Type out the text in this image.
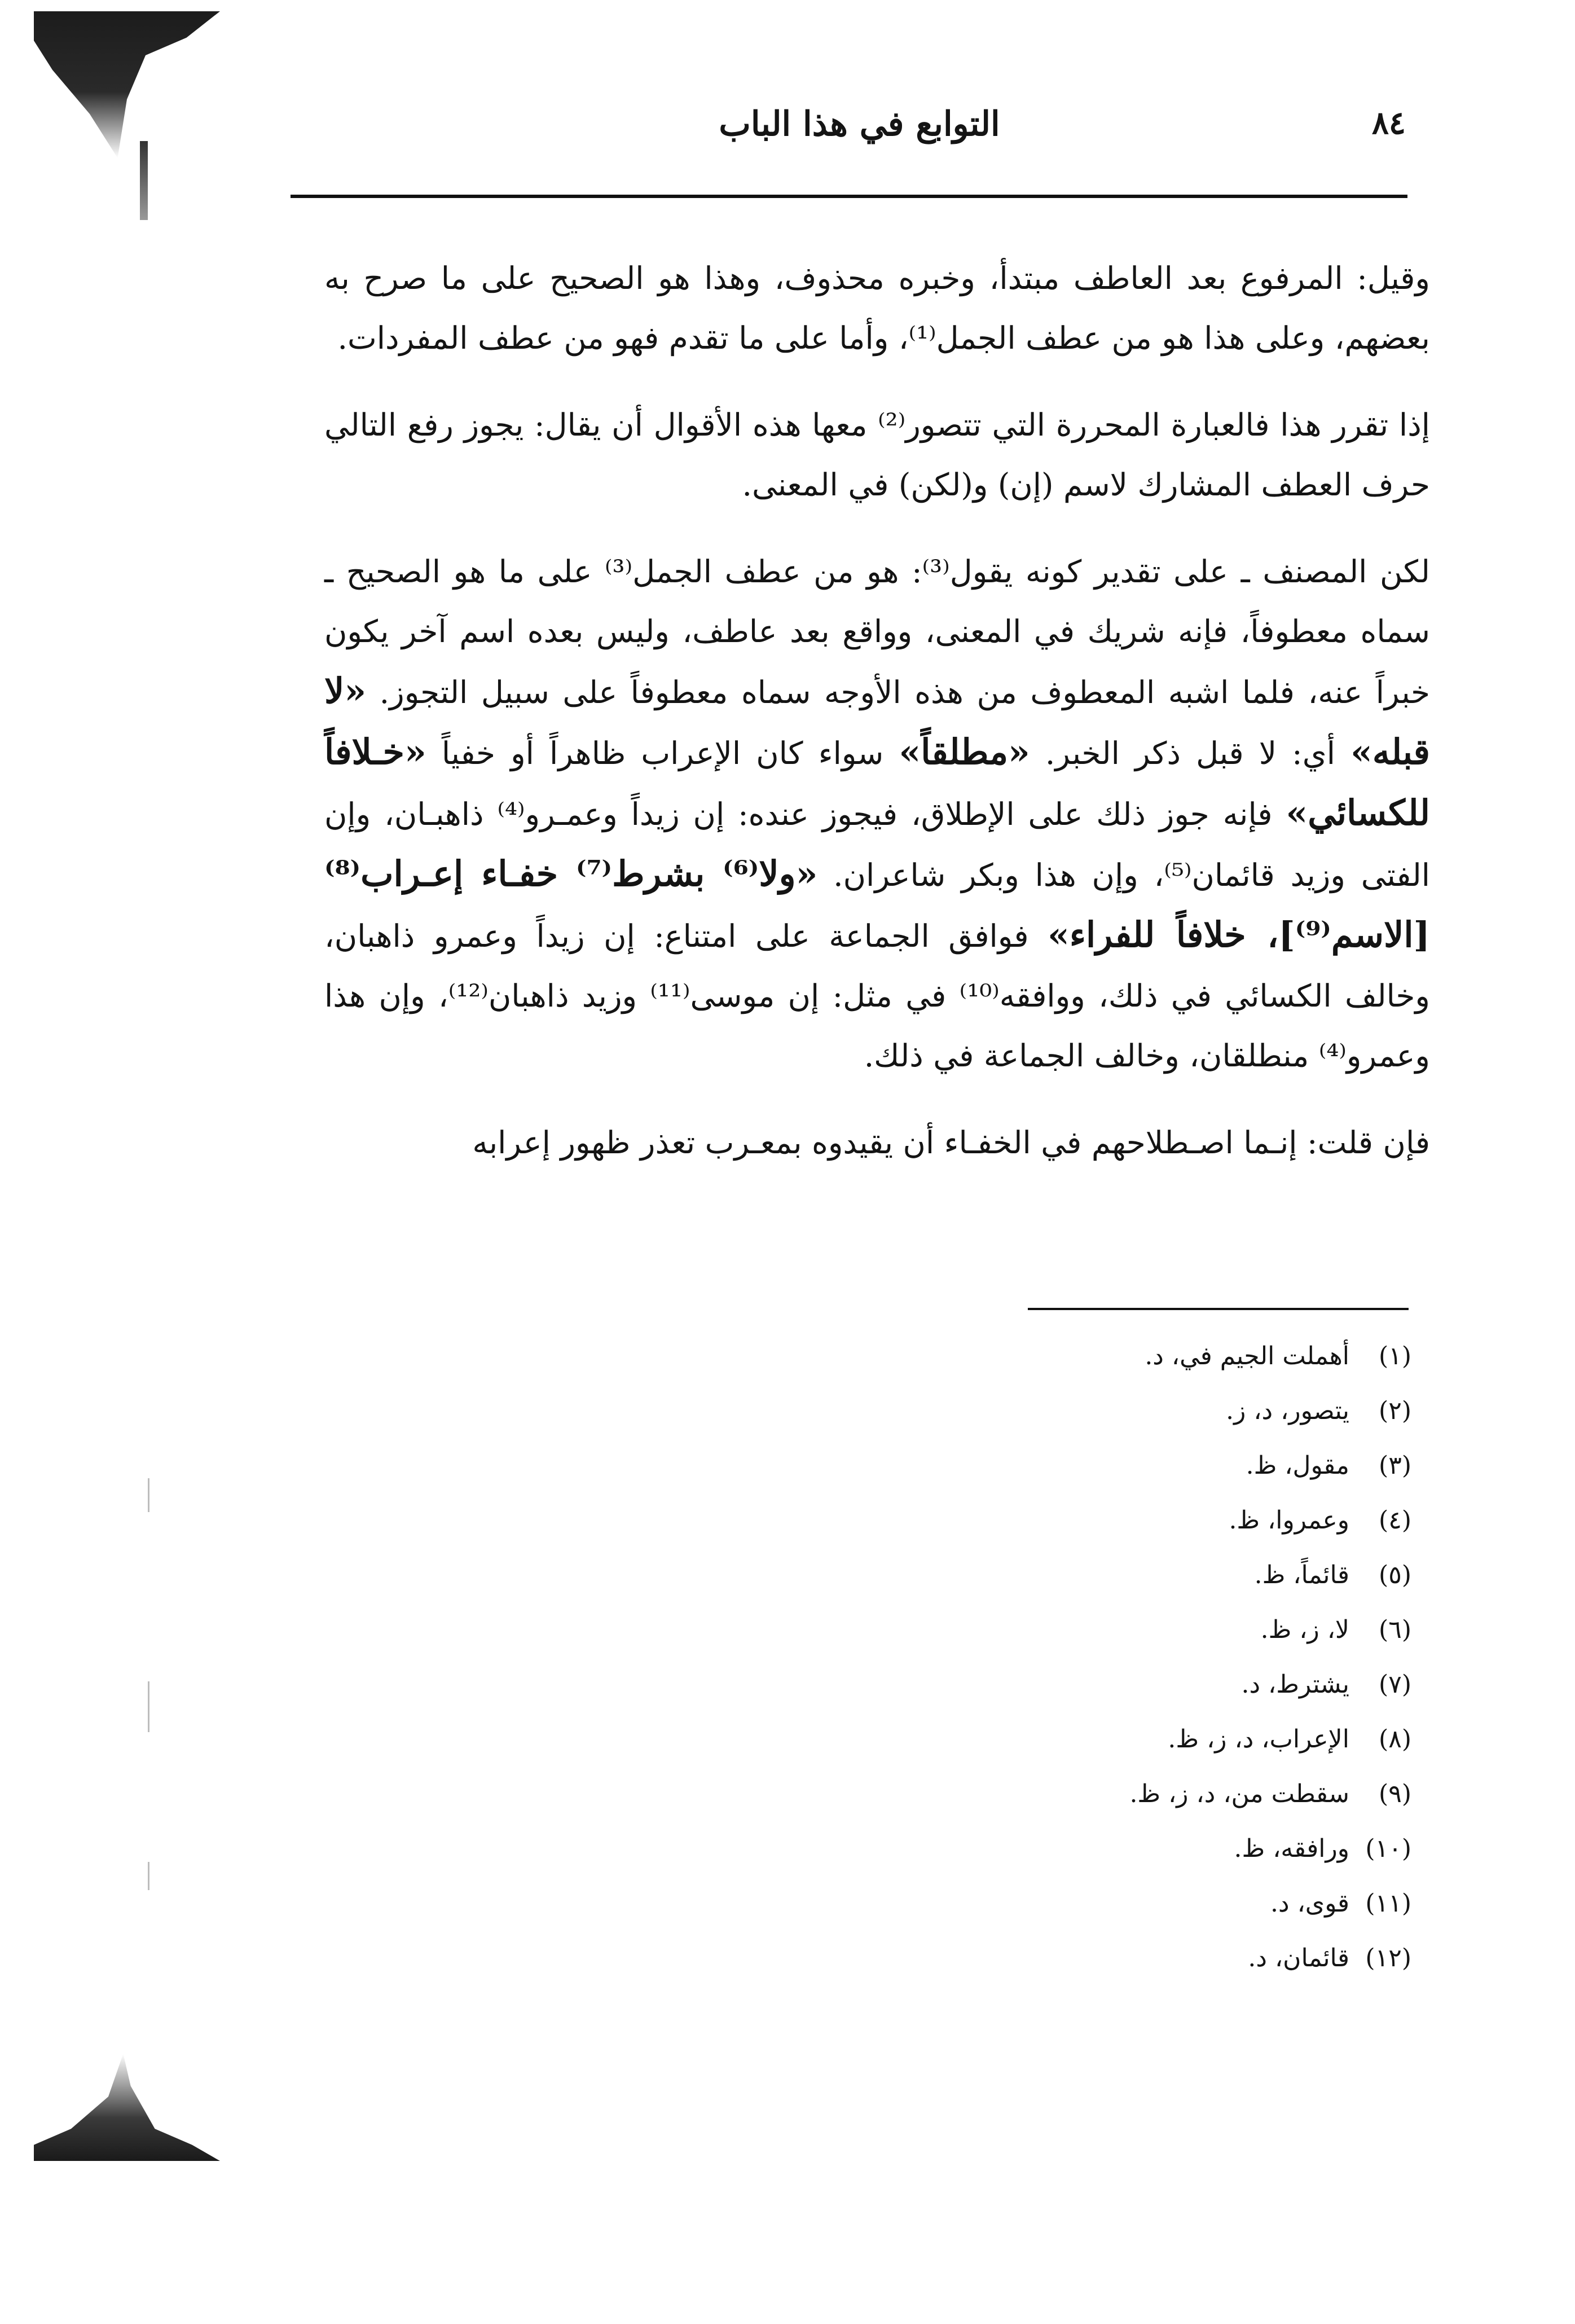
٨٤
التوابع في هذا الباب

وقيل: المرفوع بعد العاطف مبتدأ، وخبره محذوف، وهذا هو الصحيح على ما صرح به بعضهم، وعلى هذا هو من عطف الجمل⁽¹⁾، وأما على ما تقدم فهو من عطف المفردات.

إذا تقرر هذا فالعبارة المحررة التي تتصور⁽²⁾ معها هذه الأقوال أن يقال: يجوز رفع التالي حرف العطف المشارك لاسم (إن) و(لكن) في المعنى.

لكن المصنف ـ على تقدير كونه يقول⁽³⁾: هو من عطف الجمل⁽³⁾ على ما هو الصحيح ـ سماه معطوفاً، فإنه شريك في المعنى، وواقع بعد عاطف، وليس بعده اسم آخر يكون خبراً عنه، فلما اشبه المعطوف من هذه الأوجه سماه معطوفاً على سبيل التجوز. «لا قبله» أي: لا قبل ذكر الخبر. «مطلقاً» سواء كان الإعراب ظاهراً أو خفياً «خـلافاً للكسائي» فإنه جوز ذلك على الإطلاق، فيجوز عنده: إن زيداً وعمـرو⁽⁴⁾ ذاهبـان، وإن الفتى وزيد قائمان⁽⁵⁾، وإن هذا وبكر شاعران. «ولا⁽⁶⁾ بشرط⁽⁷⁾ خفـاء إعـراب⁽⁸⁾ [الاسم⁽⁹⁾]، خلافاً للفراء» فوافق الجماعة على امتناع: إن زيداً وعمرو ذاهبان، وخالف الكسائي في ذلك، ووافقه⁽¹⁰⁾ في مثل: إن موسى⁽¹¹⁾ وزيد ذاهبان⁽¹²⁾، وإن هذا وعمرو⁽⁴⁾ منطلقان، وخالف الجماعة في ذلك.

فإن قلت: إنـما اصـطلاحهم في الخفـاء أن يقيدوه بمعـرب تعذر ظهور إعرابه

(١)أهملت الجيم في، د.
(٢)يتصور، د، ز.
(٣)مقول، ظ.
(٤)وعمروا، ظ.
(٥)قائماً، ظ.
(٦)لا، ز، ظ.
(٧)يشترط، د.
(٨)الإعراب، د، ز، ظ.
(٩)سقطت من، د، ز، ظ.
(١٠)ورافقه، ظ.
(١١)قوى، د.
(١٢)قائمان، د.
